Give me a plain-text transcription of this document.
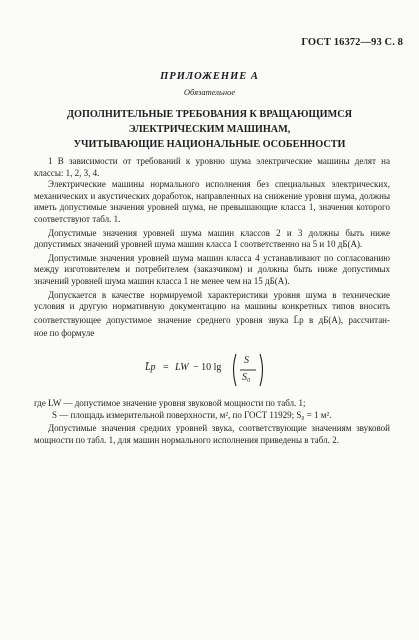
ГОСТ 16372—93 С. 8
ПРИЛОЖЕНИЕ А
Обязательное
ДОПОЛНИТЕЛЬНЫЕ ТРЕБОВАНИЯ К ВРАЩАЮЩИМСЯ
ЭЛЕКТРИЧЕСКИМ МАШИНАМ,
УЧИТЫВАЮЩИЕ НАЦИОНАЛЬНЫЕ ОСОБЕННОСТИ
1 В зависимости от требований к уровню шума электрические машины делят на
классы: 1, 2, 3, 4.
Электрические машины нормального исполнения без специальных электрических,
механических и акустических доработок, направленных на снижение уровня шума, должны
иметь допустимые значения уровней шума, не превышающие класса 1, значения которого
соответствуют табл. 1.
Допустимые значения уровней шума машин классов 2 и 3 должны быть ниже
допустимых значений уровней шума машин класса 1 соответственно на 5 и 10 дБ(А).
Допустимые значения уровней шума машин класса 4 устанавливают по согласованию
между изготовителем и потребителем (заказчиком) и должны быть ниже допустимых
значений уровней шума машин класса 1 не менее чем на 15 дБ(А).
Допускается в качестве нормируемой характеристики уровня шума в технические
условия и другую нормативную документацию на машины конкретных типов вносить
соответствующее допустимое значение среднего уровня звука L̄p в дБ(А), рассчитан-
ное по формуле
L̄p = LW − 10 lg
S
S₀
где LW — допустимое значение уровня звуковой мощности по табл. 1;
S — площадь измерительной поверхности, м², по ГОСТ 11929; S₀ = 1 м².
Допустимые значения средних уровней звука, соответствующие значениям звуковой
мощности по табл. 1, для машин нормального исполнения приведены в табл. 2.
